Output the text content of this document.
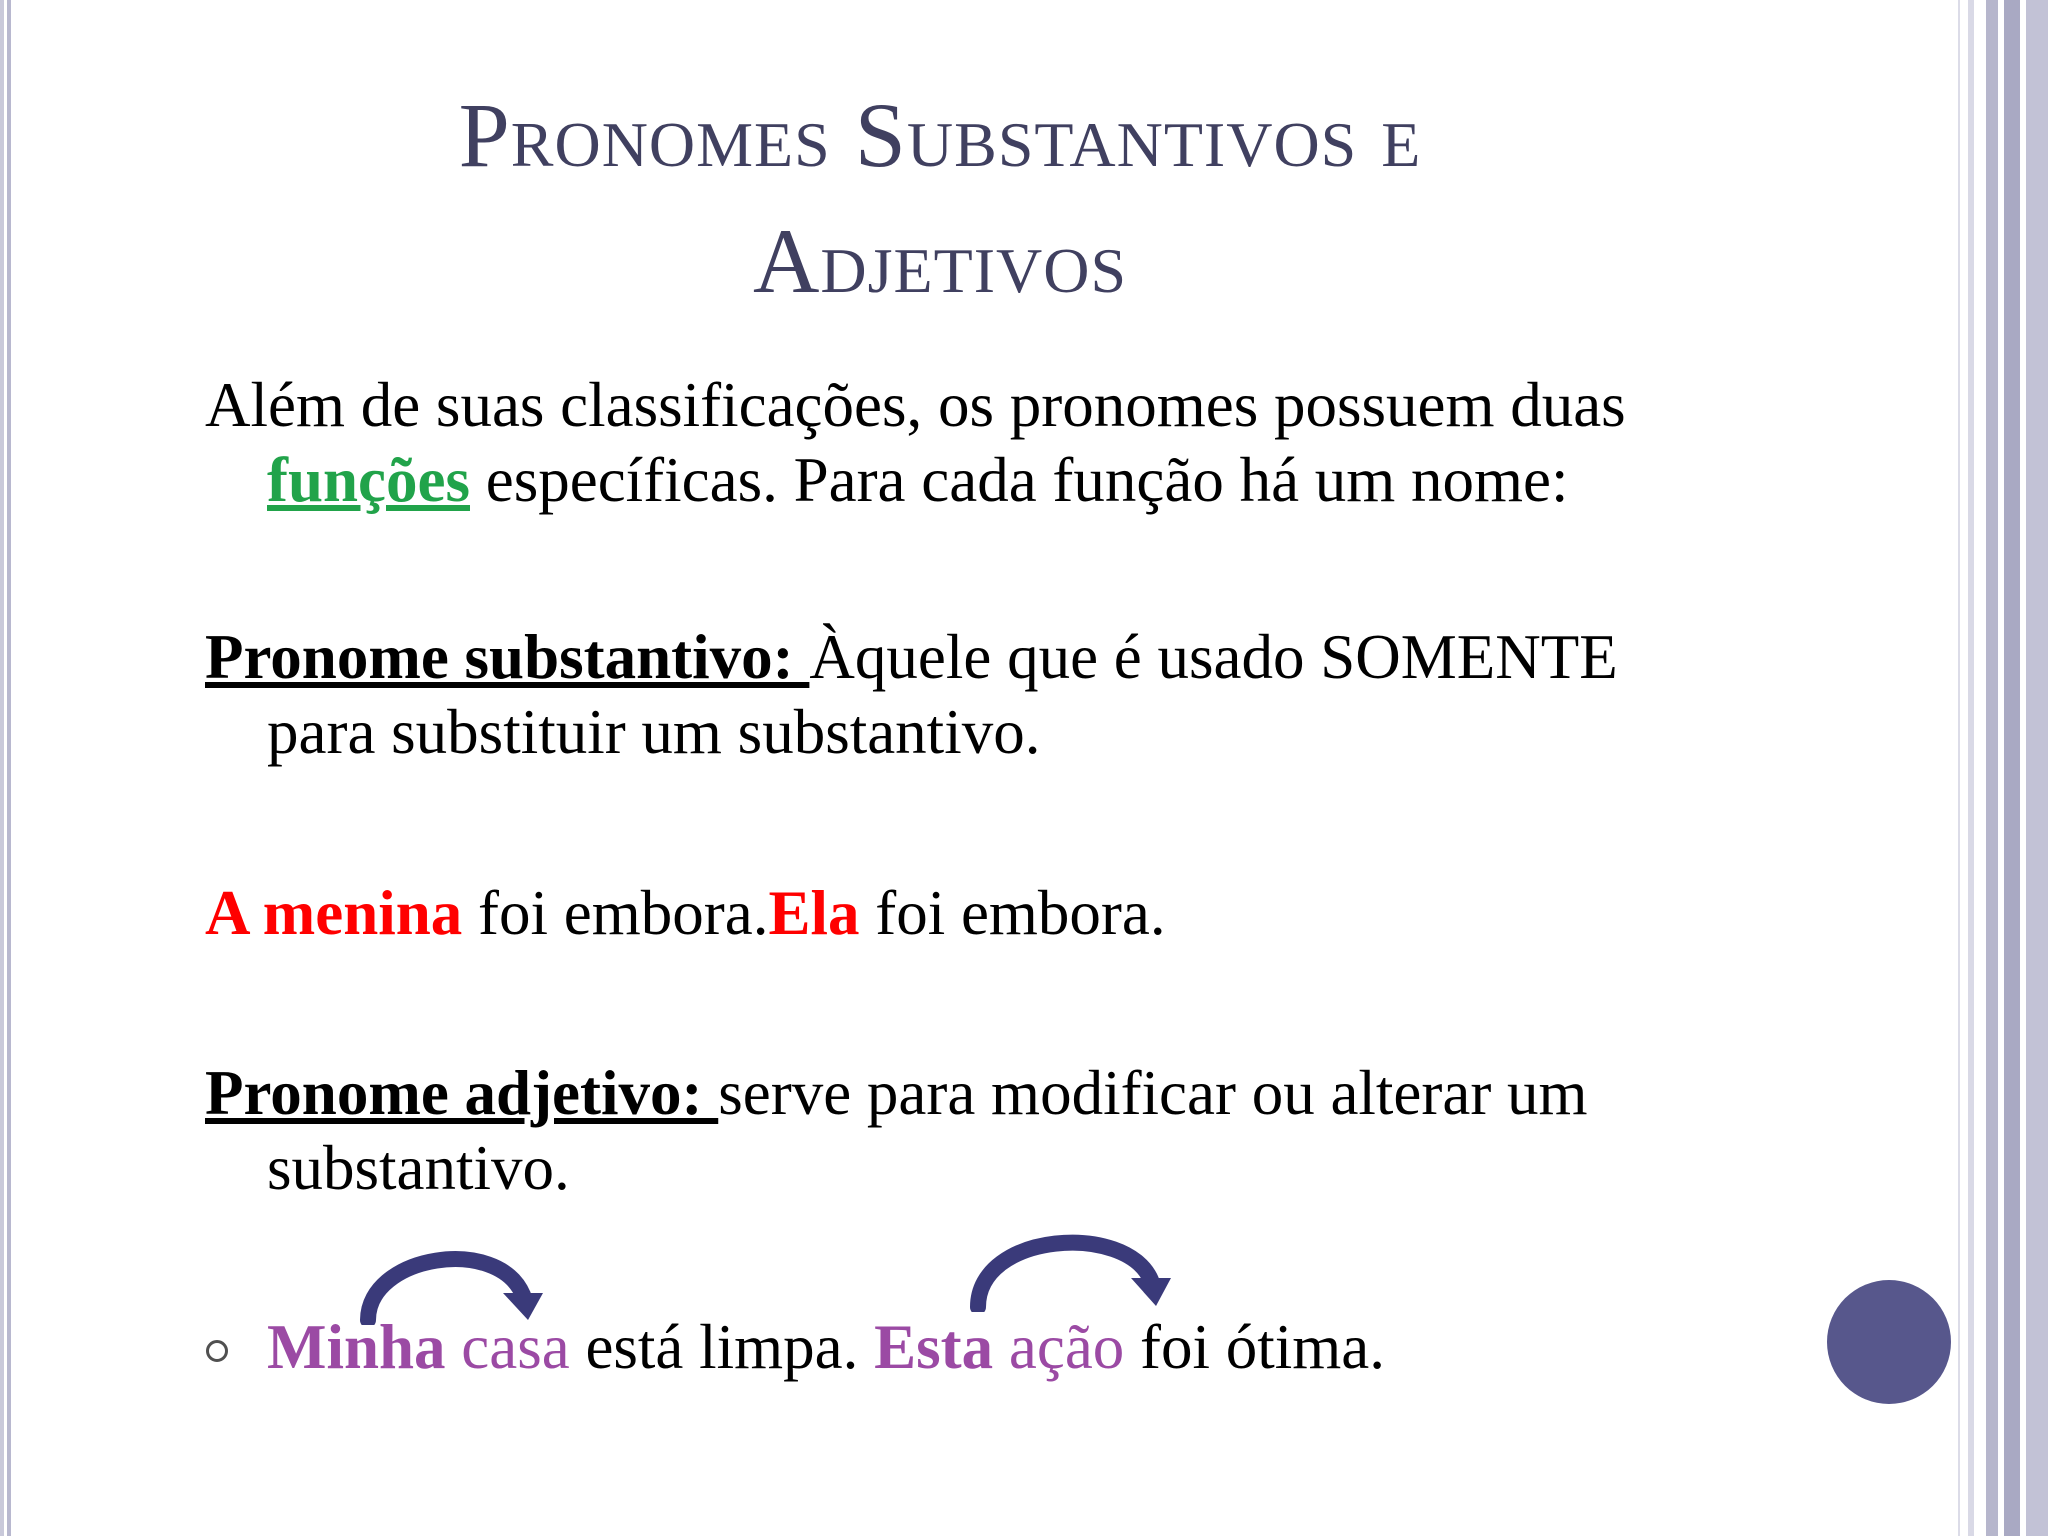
Pronomes Substantivos e
Adjetivos
Além de suas classificações, os pronomes possuem duas
funções específicas. Para cada função há um nome:
Pronome substantivo: Àquele que é usado SOMENTE
para substituir um substantivo.
A menina foi embora.Ela foi embora.
Pronome adjetivo: serve para modificar ou alterar um
substantivo.
Minha casa está limpa. Esta ação foi ótima.
